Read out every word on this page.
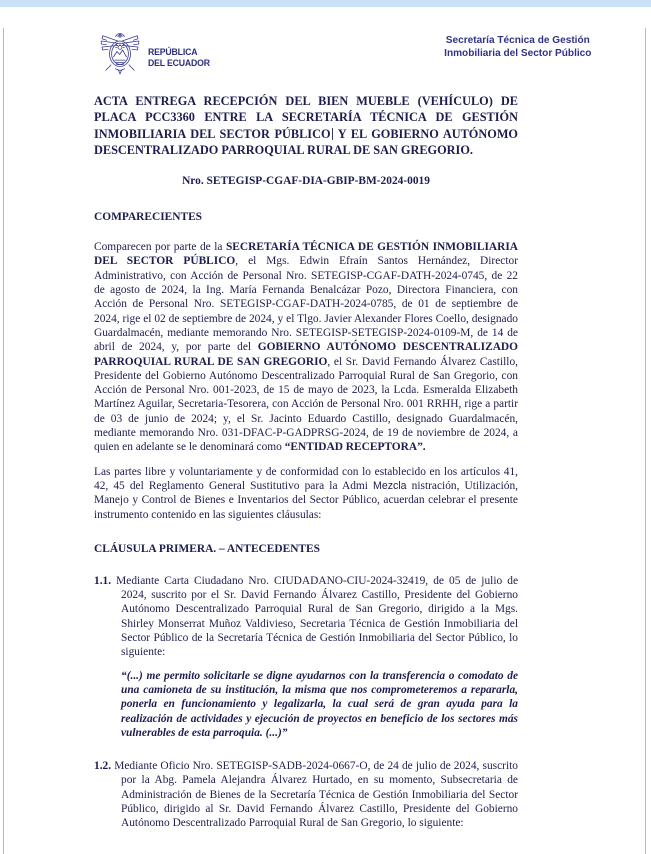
REPÚBLICA
DEL ECUADOR
Secretaría Técnica de Gestión
Inmobiliaria del Sector Público
ACTA ENTREGA RECEPCIÓN DEL BIEN MUEBLE (VEHÍCULO) DE PLACA PCC3360 ENTRE LA SECRETARÍA TÉCNICA DE GESTIÓN INMOBILIARIA DEL SECTOR PÚBLICO Y EL GOBIERNO AUTÓNOMO DESCENTRALIZADO PARROQUIAL RURAL DE SAN GREGORIO.

Nro. SETEGISP-CGAF-DIA-GBIP-BM-2024-0019

COMPARECIENTES

Comparecen por parte de la SECRETARÍA TÉCNICA DE GESTIÓN INMOBILIARIA DEL SECTOR PÚBLICO, el Mgs. Edwin Efraín Santos Hernández, Director Administrativo, con Acción de Personal Nro. SETEGISP-CGAF-DATH-2024-0745, de 22 de agosto de 2024, la Ing. María Fernanda Benalcázar Pozo, Directora Financiera, con Acción de Personal Nro. SETEGISP-CGAF-DATH-2024-0785, de 01 de septiembre de 2024, rige el 02 de septiembre de 2024, y el Tlgo. Javier Alexander Flores Coello, designado Guardalmacén, mediante memorando Nro. SETEGISP-SETEGISP-2024-0109-M, de 14 de abril de 2024, y, por parte del GOBIERNO AUTÓNOMO DESCENTRALIZADO PARROQUIAL RURAL DE SAN GREGORIO, el Sr. David Fernando Álvarez Castillo, Presidente del Gobierno Autónomo Descentralizado Parroquial Rural de San Gregorio, con Acción de Personal Nro. 001-2023, de 15 de mayo de 2023, la Lcda. Esmeralda Elizabeth Martínez Aguilar, Secretaria-Tesorera, con Acción de Personal Nro. 001 RRHH, rige a partir de 03 de junio de 2024; y, el Sr. Jacinto Eduardo Castillo, designado Guardalmacén, mediante memorando Nro. 031-DFAC-P-GADPRSG-2024, de 19 de noviembre de 2024, a quien en adelante se le denominará como “ENTIDAD RECEPTORA”.

Las partes libre y voluntariamente y de conformidad con lo establecido en los artículos 41, 42, 45 del Reglamento General Sustitutivo para la Admi Mezcla nistración, Utilización, Manejo y Control de Bienes e Inventarios del Sector Público, acuerdan celebrar el presente instrumento contenido en las siguientes cláusulas:

CLÁUSULA PRIMERA. – ANTECEDENTES

1.1. Mediante Carta Ciudadano Nro. CIUDADANO-CIU-2024-32419, de 05 de julio de 2024, suscrito por el Sr. David Fernando Álvarez Castillo, Presidente del Gobierno Autónomo Descentralizado Parroquial Rural de San Gregorio, dirigido a la Mgs. Shirley Monserrat Muñoz Valdivieso, Secretaria Técnica de Gestión Inmobiliaria del Sector Público de la Secretaría Técnica de Gestión Inmobiliaria del Sector Público, lo siguiente:

“(...) me permito solicitarle se digne ayudarnos con la transferencia o comodato de una camioneta de su institución, la misma que nos comprometeremos a repararla, ponerla en funcionamiento y legalizarla, la cual será de gran ayuda para la realización de actividades y ejecución de proyectos en beneficio de los sectores más vulnerables de esta parroquia. (...)”

1.2. Mediante Oficio Nro. SETEGISP-SADB-2024-0667-O, de 24 de julio de 2024, suscrito por la Abg. Pamela Alejandra Álvarez Hurtado, en su momento, Subsecretaria de Administración de Bienes de la Secretaría Técnica de Gestión Inmobiliaria del Sector Público, dirigido al Sr. David Fernando Álvarez Castillo, Presidente del Gobierno Autónomo Descentralizado Parroquial Rural de San Gregorio, lo siguiente:
